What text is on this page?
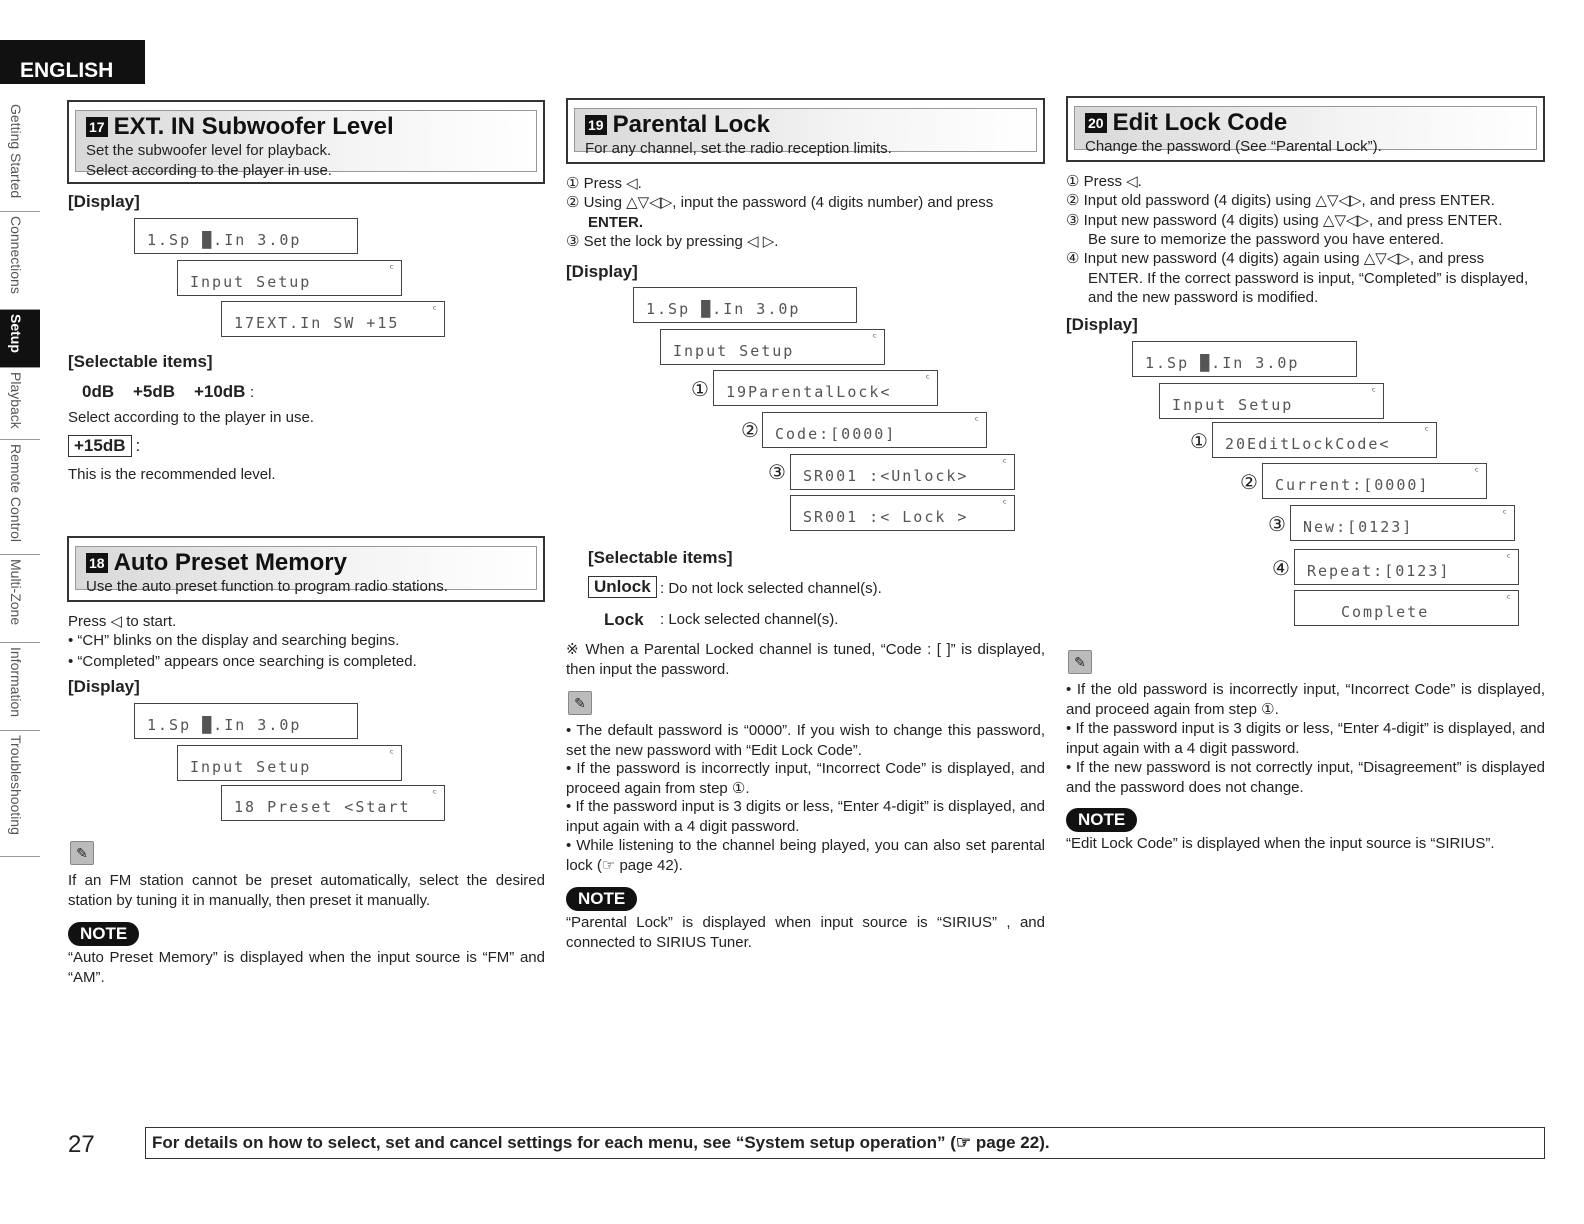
ENGLISH
Getting Started
Connections
Setup
Playback
Remote Control
Multi-Zone
Information
Troubleshooting
17 EXT. IN Subwoofer Level
Set the subwoofer level for playback.
Select according to the player in use.
[Display]
1.Sp █.In 3.0p
Input Setup
ᶜ
17EXT.In SW +15
ᶜ
[Selectable items]
0dB    +5dB    +10dB :
Select according to the player in use.
+15dB :
This is the recommended level.
18 Auto Preset Memory
Use the auto preset function to program radio stations.
Press ◁ to start.
• “CH” blinks on the display and searching begins.
• “Completed” appears once searching is completed.
[Display]
1.Sp █.In 3.0p
Input Setup
ᶜ
18 Preset <Start
ᶜ
✎
If an FM station cannot be preset automatically, select the desired station by tuning it in manually, then preset it manually.
NOTE
“Auto Preset Memory” is displayed when the input source is “FM” and “AM”.
19 Parental Lock
For any channel, set the radio reception limits.
① Press ◁.
② Using △▽◁▷, input the password (4 digits number) and press
ENTER.
③ Set the lock by pressing ◁ ▷.
[Display]
1.Sp █.In 3.0p
Input Setup
ᶜ
①	19ParentalLock<
ᶜ
②	Code:[0000]
ᶜ
③	SR001 :<Unlock>
ᶜ
SR001 :< Lock >
ᶜ
[Selectable items]
Unlock : Do not lock selected channel(s).
Lock : Lock selected channel(s).
※ When a Parental Locked channel is tuned, “Code : [ ]” is displayed, then input the password.
✎
• The default password is “0000”. If you wish to change this password, set the new password with “Edit Lock Code”.
• If the password is incorrectly input, “Incorrect Code” is displayed, and proceed again from step ①.
• If the password input is 3 digits or less, “Enter 4-digit” is displayed, and input again with a 4 digit password.
• While listening to the channel being played, you can also set parental lock (☞ page 42).
NOTE
“Parental Lock” is displayed when input source is “SIRIUS” , and connected to SIRIUS Tuner.
20 Edit Lock Code
Change the password (See “Parental Lock”).
① Press ◁.
② Input old password (4 digits) using △▽◁▷, and press ENTER.
③ Input new password (4 digits) using △▽◁▷, and press ENTER.
Be sure to memorize the password you have entered.
④ Input new password (4 digits) again using △▽◁▷, and press
ENTER. If the correct password is input, “Completed” is displayed,
and the new password is modified.
[Display]
1.Sp █.In 3.0p
Input Setup
ᶜ
①	20EditLockCode<
ᶜ
②	Current:[0000]
ᶜ
③	New:[0123]
ᶜ
④	Repeat:[0123]
ᶜ
Complete
ᶜ
✎
• If the old password is incorrectly input, “Incorrect Code” is displayed, and proceed again from step ①.
• If the password input is 3 digits or less, “Enter 4-digit” is displayed, and input again with a 4 digit password.
• If the new password is not correctly input, “Disagreement” is displayed and the password does not change.
NOTE
“Edit Lock Code” is displayed when the input source is “SIRIUS”.
27	For details on how to select, set and cancel settings for each menu, see “System setup operation” (☞ page 22).
